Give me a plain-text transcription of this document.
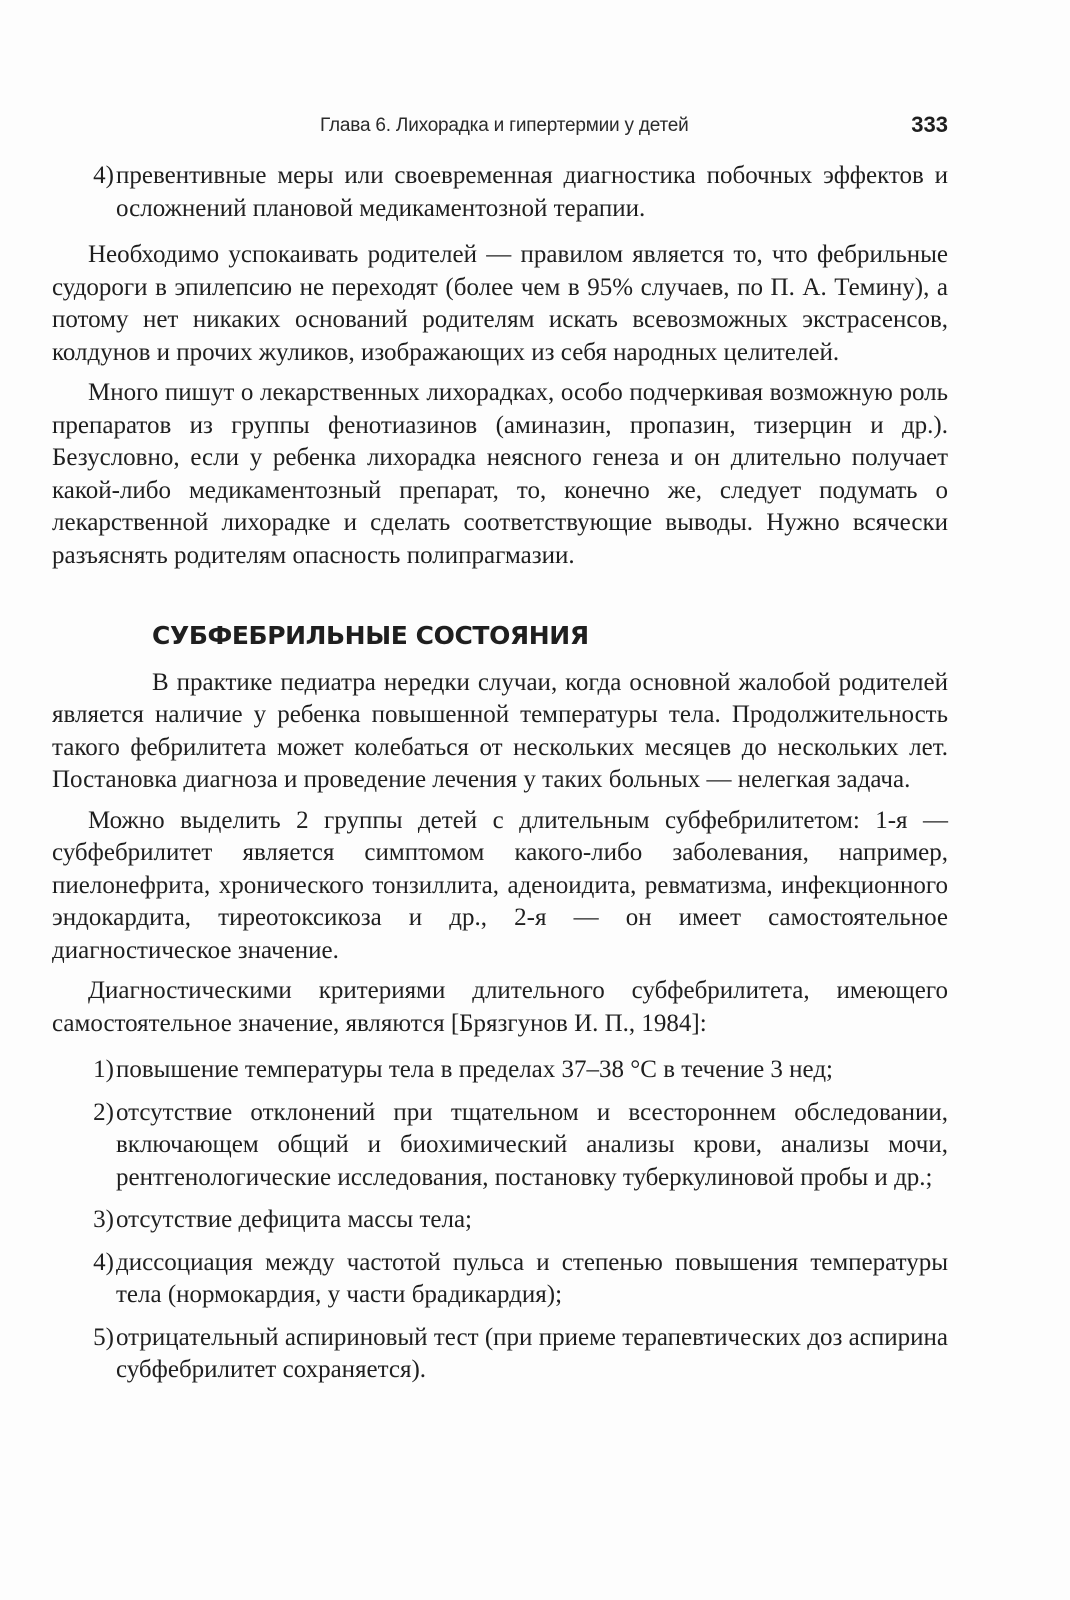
Глава 6. Лихорадка и гипертермии у детей	333
4) превентивные меры или своевременная диагностика побочных эффектов и осложнений плановой медикаментозной терапии.

Необходимо успокаивать родителей — правилом является то, что фебрильные судороги в эпилепсию не переходят (более чем в 95% случаев, по П. А. Темину), а потому нет никаких оснований родителям искать всевозможных экстрасенсов, колдунов и прочих жуликов, изображающих из себя народных целителей.

Много пишут о лекарственных лихорадках, особо подчеркивая возможную роль препаратов из группы фенотиазинов (аминазин, пропазин, тизерцин и др.). Безусловно, если у ребенка лихорадка неясного генеза и он длительно получает какой-либо медикаментозный препарат, то, конечно же, следует подумать о лекарственной лихорадке и сделать соответствующие выводы. Нужно всячески разъяснять родителям опасность полипрагмазии.

СУБФЕБРИЛЬНЫЕ СОСТОЯНИЯ

В практике педиатра нередки случаи, когда основной жалобой родителей является наличие у ребенка повышенной температуры тела. Продолжительность такого фебрилитета может колебаться от нескольких месяцев до нескольких лет. Постановка диагноза и проведение лечения у таких больных — нелегкая задача.

Можно выделить 2 группы детей с длительным субфебрилитетом: 1-я — субфебрилитет является симптомом какого-либо заболевания, например, пиелонефрита, хронического тонзиллита, аденоидита, ревматизма, инфекционного эндокардита, тиреотоксикоза и др., 2-я — он имеет самостоятельное диагностическое значение.

Диагностическими критериями длительного субфебрилитета, имеющего самостоятельное значение, являются [Брязгунов И. П., 1984]:

1) повышение температуры тела в пределах 37–38 °C в течение 3 нед;
2) отсутствие отклонений при тщательном и всестороннем обследовании, включающем общий и биохимический анализы крови, анализы мочи, рентгенологические исследования, постановку туберкулиновой пробы и др.;
3) отсутствие дефицита массы тела;
4) диссоциация между частотой пульса и степенью повышения температуры тела (нормокардия, у части брадикардия);
5) отрицательный аспириновый тест (при приеме терапевтических доз аспирина субфебрилитет сохраняется).
